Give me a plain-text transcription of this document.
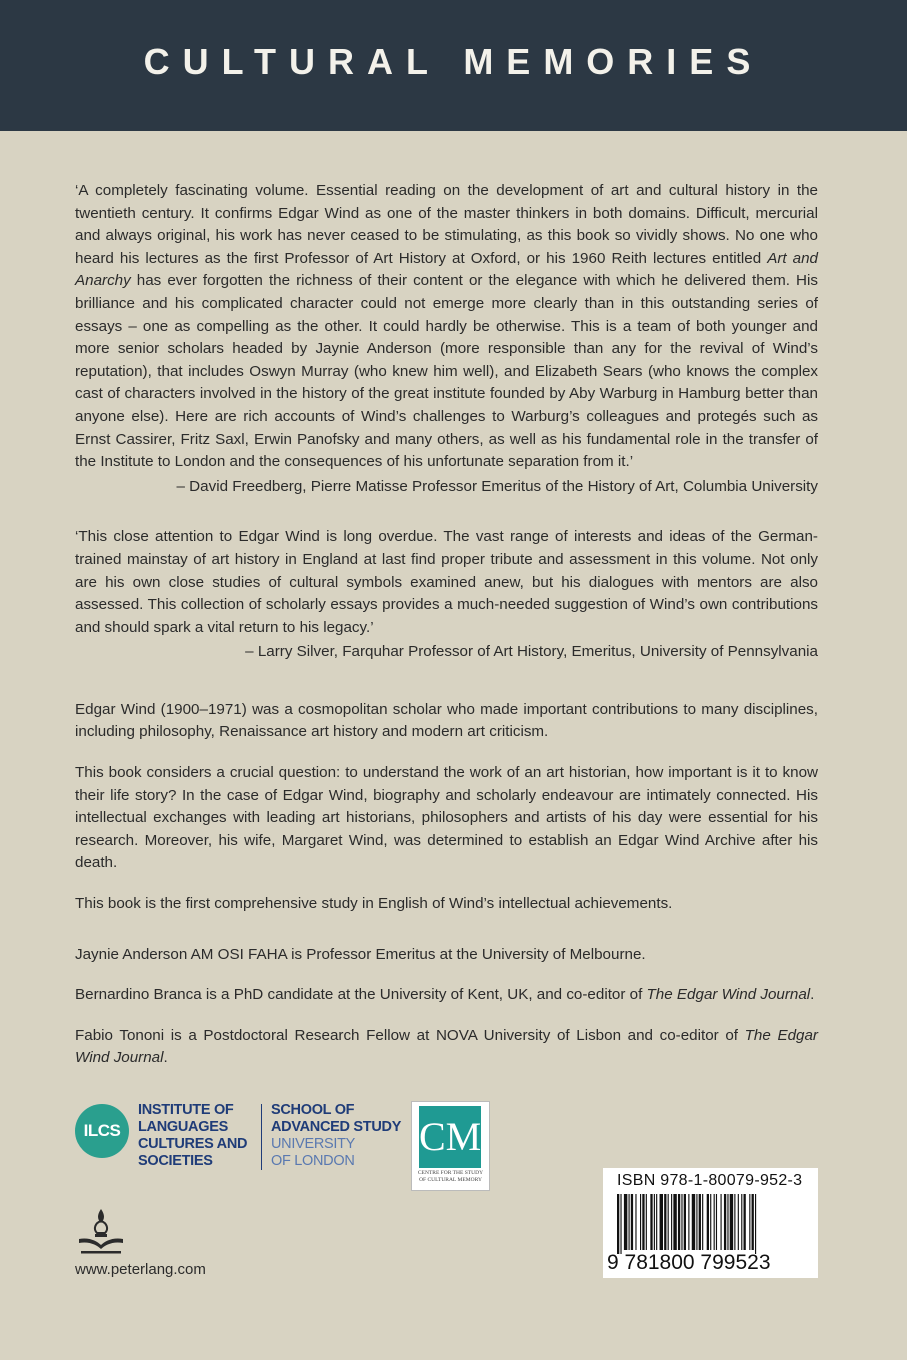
CULTURAL MEMORIES

‘A completely fascinating volume. Essential reading on the development of art and cultural history in the twentieth century. It confirms Edgar Wind as one of the master thinkers in both domains. Difficult, mercurial and always original, his work has never ceased to be stimulating, as this book so vividly shows. No one who heard his lectures as the first Professor of Art History at Oxford, or his 1960 Reith lectures entitled Art and Anarchy has ever forgotten the richness of their content or the elegance with which he delivered them. His brilliance and his complicated character could not emerge more clearly than in this outstanding series of essays – one as compelling as the other. It could hardly be otherwise. This is a team of both younger and more senior scholars headed by Jaynie Anderson (more responsible than any for the revival of Wind’s reputation), that includes Oswyn Murray (who knew him well), and Elizabeth Sears (who knows the complex cast of characters involved in the history of the great institute founded by Aby Warburg in Hamburg better than anyone else). Here are rich accounts of Wind’s challenges to Warburg’s colleagues and protegés such as Ernst Cassirer, Fritz Saxl, Erwin Panofsky and many others, as well as his fundamental role in the transfer of the Institute to London and the consequences of his unfortunate separation from it.’

– David Freedberg, Pierre Matisse Professor Emeritus of the History of Art, Columbia University

‘This close attention to Edgar Wind is long overdue. The vast range of interests and ideas of the German-trained mainstay of art history in England at last find proper tribute and assessment in this volume. Not only are his own close studies of cultural symbols examined anew, but his dialogues with mentors are also assessed. This collection of scholarly essays provides a much-needed suggestion of Wind’s own contributions and should spark a vital return to his legacy.’

– Larry Silver, Farquhar Professor of Art History, Emeritus, University of Pennsylvania

Edgar Wind (1900–1971) was a cosmopolitan scholar who made important contributions to many disciplines, including philosophy, Renaissance art history and modern art criticism.

This book considers a crucial question: to understand the work of an art historian, how important is it to know their life story? In the case of Edgar Wind, biography and scholarly endeavour are intimately connected. His intellectual exchanges with leading art historians, philosophers and artists of his day were essential for his research. Moreover, his wife, Margaret Wind, was determined to establish an Edgar Wind Archive after his death.

This book is the first comprehensive study in English of Wind’s intellectual achievements.

Jaynie Anderson AM OSI FAHA is Professor Emeritus at the University of Melbourne.

Bernardino Branca is a PhD candidate at the University of Kent, UK, and co-editor of The Edgar Wind Journal.

Fabio Tononi is a Postdoctoral Research Fellow at NOVA University of Lisbon and co-editor of The Edgar Wind Journal.

ILCS
INSTITUTE OF
LANGUAGES
CULTURES AND
SOCIETIES
SCHOOL OF
ADVANCED STUDY
UNIVERSITY
OF LONDON
CM
CENTRE FOR THE STUDY OF CULTURAL MEMORY
www.peterlang.com
ISBN 978-1-80079-952-3
9 781800 799523
